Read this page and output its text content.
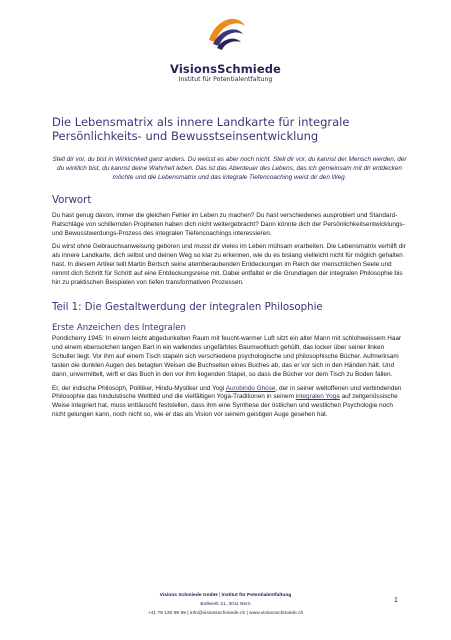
VisionsSchmiede
Institut für Potentialentfaltung
Die Lebensmatrix als innere Landkarte für integrale Persönlichkeits- und Bewusstseinsentwicklung

Stell dir vor, du bist in Wirklichkeit ganz anders. Du weisst es aber noch nicht. Stell dir vor, du kannst der Mensch werden, der du wirklich bist, du kannst deine Wahrheit leben. Das ist das Abenteuer des Lebens, das ich gemeinsam mit dir entdecken möchte und die Lebensmatrix und das integrale Tiefencoaching weist dir den Weg.

Vorwort

Du hast genug davon, immer die gleichen Fehler im Leben zu machen? Du hast verschiedenes ausprobiert und Standard-Ratschläge von schillernden Propheten haben dich nicht weitergebracht? Dann könnte dich der Persönlichkeitsentwicklungs- und Bewusstwerdungs-Prozess des integralen Tiefencoachings interessieren.

Du wirst ohne Gebrauchsanweisung geboren und musst dir vieles im Leben mühsam erarbeiten. Die Lebensmatrix verhilft dir als innere Landkarte, dich selbst und deinen Weg so klar zu erkennen, wie du es bislang vielleicht nicht für möglich gehalten hast. In diesem Artikel teilt Martin Bertsch seine atemberaubenden Entdeckungen im Reich der menschlichen Seele und nimmt dich Schritt für Schritt auf eine Entdeckungsreise mit. Dabei entfaltet er die Grundlagen der integralen Philosophie bis hin zu praktischen Beispielen von tiefen transformativen Prozessen.

Teil 1: Die Gestaltwerdung der integralen Philosophie
Erste Anzeichen des Integralen

Pondicherry 1945: In einem leicht abgedunkelten Raum mit feucht-warmer Luft sitzt ein alter Mann mit schlohweissem Haar und einem ebensolchen langen Bart in ein wallendes ungefärbtes Baumwolltuch gehüllt, das locker über seiner linken Schulter liegt. Vor ihm auf einem Tisch stapeln sich verschiedene psychologische und philosophische Bücher. Aufmerksam tasten die dunklen Augen des betagten Weisen die Buchseiten eines Buches ab, das er vor sich in den Händen hält. Und dann, unvermittelt, wirft er das Buch in den vor ihm liegenden Stapel, so dass die Bücher vor dem Tisch zu Boden fallen.

Er, der indische Philosoph, Politiker, Hindu-Mystiker und Yogi Aurobindo Ghose, der in seiner weltoffenen und verbindenden Philosophie das hinduistische Weltbild und die vielfältigen Yoga-Traditionen in seinem integralen Yoga auf zeitgenössische Weise integriert hat, muss enttäuscht feststellen, dass ihm eine Synthese der östlichen und westlichen Psychologie noch nicht gelungen kann, noch nicht so, wie er das als Vision vor seinem geistigen Auge gesehen hat.

Visions Schmiede GmbH | Institut für Potentialentfaltung
Bollwerk 21, 3011 Bern
+41 79 130 99 99 | info@visionsschmiede.ch | www.visionsschmiede.ch
1
